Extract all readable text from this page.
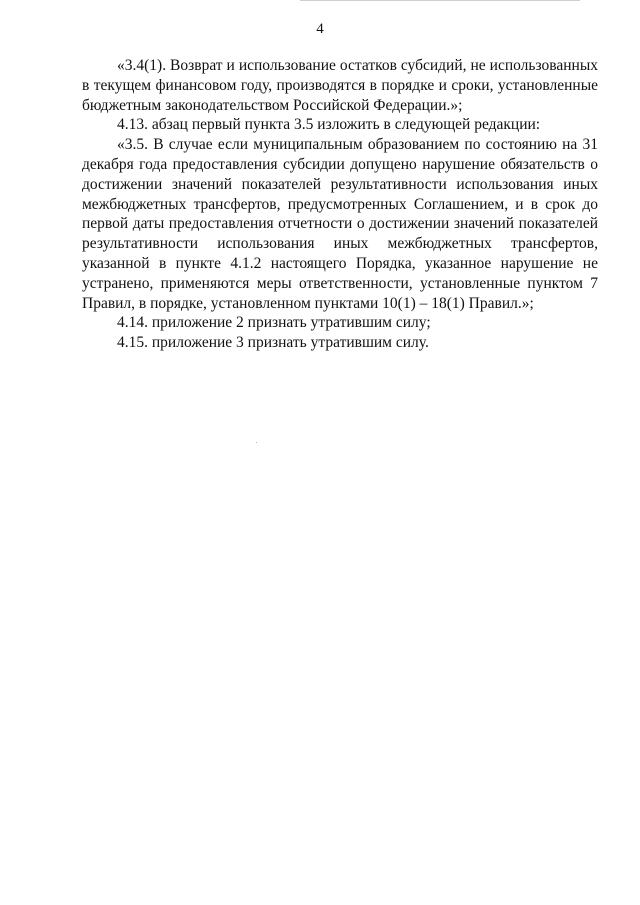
4

«3.4(1). Возврат и использование остатков субсидий, не использованных в текущем финансовом году, производятся в порядке и сроки, установленные бюджетным законодательством Российской Федерации.»;

4.13. абзац первый пункта 3.5 изложить в следующей редакции:

«3.5. В случае если муниципальным образованием по состоянию на 31 декабря года предоставления субсидии допущено нарушение обязательств о достижении значений показателей результативности использования иных межбюджетных трансфертов, предусмотренных Соглашением, и в срок до первой даты предоставления отчетности о достижении значений показателей результативности использования иных межбюджетных трансфертов, указанной в пункте 4.1.2 настоящего Порядка, указанное нарушение не устранено, применяются меры ответственности, установленные пунктом 7 Правил, в порядке, установленном пунктами 10(1) – 18(1) Правил.»;

4.14. приложение 2 признать утратившим силу;

4.15. приложение 3 признать утратившим силу.
